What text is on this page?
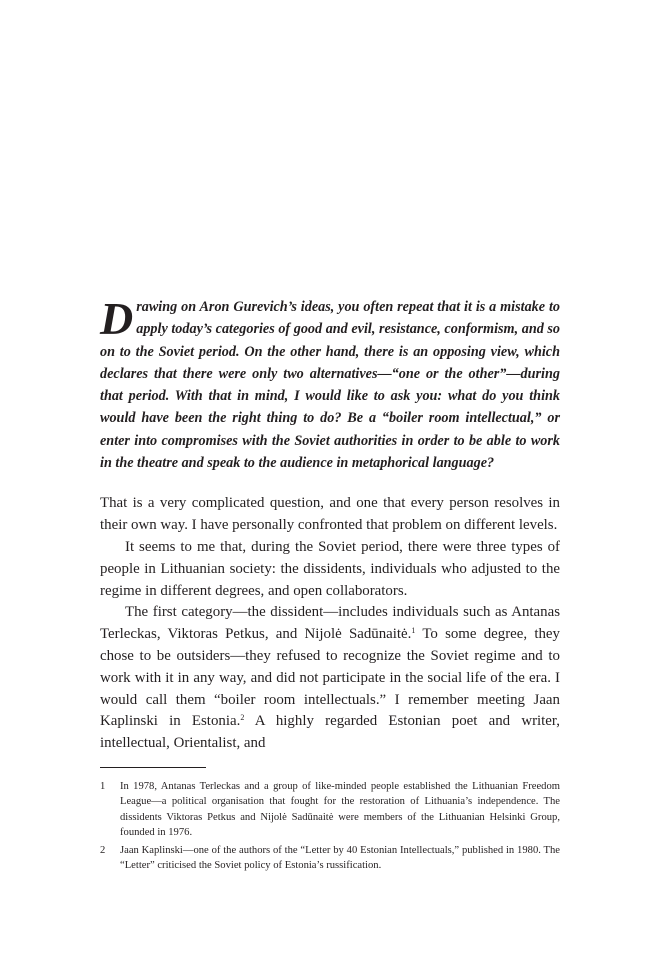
Drawing on Aron Gurevich’s ideas, you often repeat that it is a mistake to apply today’s categories of good and evil, resistance, conformism, and so on to the Soviet period. On the other hand, there is an opposing view, which declares that there were only two alternatives—“one or the other”—during that period. With that in mind, I would like to ask you: what do you think would have been the right thing to do? Be a “boiler room intellectual,” or enter into compromises with the Soviet authorities in order to be able to work in the theatre and speak to the audience in metaphorical language?

That is a very complicated question, and one that every person resolves in their own way. I have personally confronted that problem on different levels.

It seems to me that, during the Soviet period, there were three types of people in Lithuanian society: the dissidents, individuals who adjusted to the regime in different degrees, and open collaborators.

The first category—the dissident—includes individuals such as Antanas Terleckas, Viktoras Petkus, and Nijolė Sadūnaitė.$^1$ To some degree, they chose to be outsiders—they refused to recognize the Soviet regime and to work with it in any way, and did not participate in the social life of the era. I would call them “boiler room intellectuals.” I remember meeting Jaan Kaplinski in Estonia.$^2$ A highly regarded Estonian poet and writer, intellectual, Orientalist, and

1	In 1978, Antanas Terleckas and a group of like-minded people established the Lithuanian Freedom League—a political organisation that fought for the restoration of Lithuania’s independence. The dissidents Viktoras Petkus and Nijolė Sadūnaitė were members of the Lithuanian Helsinki Group, founded in 1976.
2	Jaan Kaplinski—one of the authors of the “Letter by 40 Estonian Intellectuals,” published in 1980. The “Letter” criticised the Soviet policy of Estonia’s russification.
